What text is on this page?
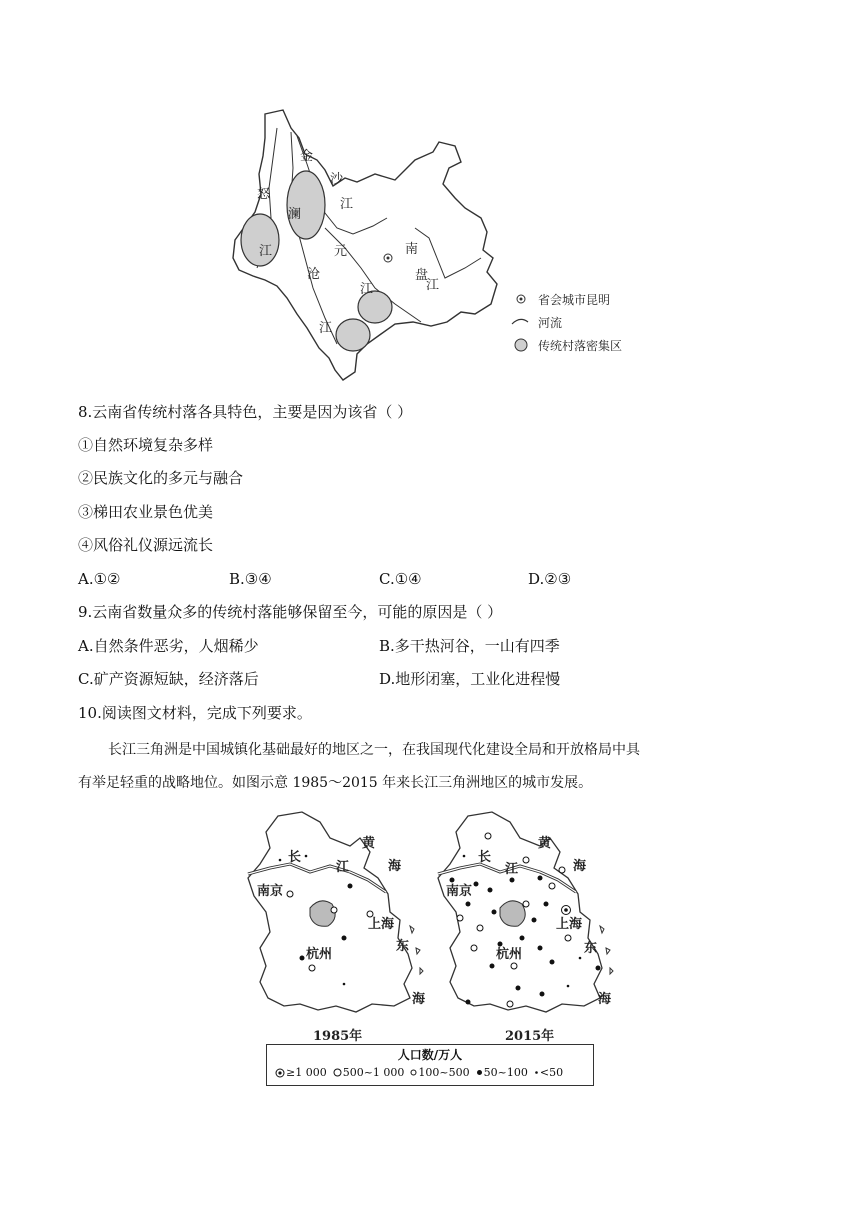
金
沙
江
澜
沧
江
怒
江	元
江
南
盘
江
省会城市昆明
河流
传统村落密集区
8.云南省传统村落各具特色，主要是因为该省（ ）
①自然环境复杂多样
②民族文化的多元与融合
③梯田农业景色优美
④风俗礼仪源远流长
A.①②	B.③④	C.①④	D.②③
9.云南省数量众多的传统村落能够保留至今，可能的原因是（ ）
A.自然条件恶劣，人烟稀少	B.多干热河谷，一山有四季
C.矿产资源短缺，经济落后	D.地形闭塞，工业化进程慢
10.阅读图文材料，完成下列要求。
长江三角洲是中国城镇化基础最好的地区之一，在我国现代化建设全局和开放格局中具
有举足轻重的战略地位。如图示意 1985～2015 年来长江三角洲地区的城市发展。
黄
海
长
江
南京
上海
杭州
东
海
黄
海
长
江
南京
上海
杭州	东
海
1985年	2015年
人口数/万人
≥1 000 500~1 000 100~500 50~100 <50
